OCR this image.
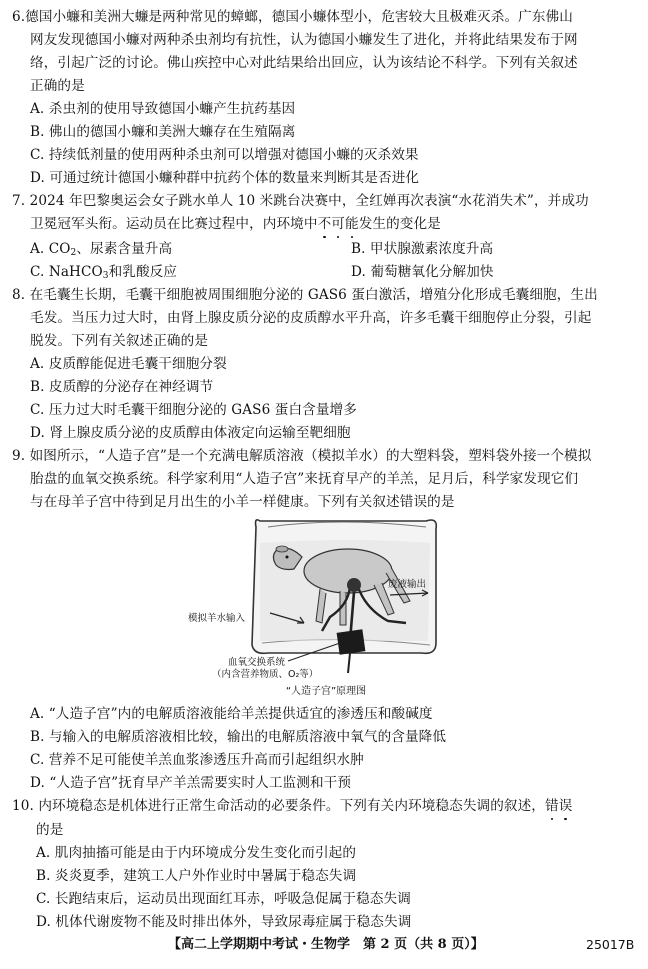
6.德国小蠊和美洲大蠊是两种常见的蟑螂，德国小蠊体型小，危害较大且极难灭杀。广东佛山
网友发现德国小蠊对两种杀虫剂均有抗性，认为德国小蠊发生了进化，并将此结果发布于网
络，引起广泛的讨论。佛山疾控中心对此结果给出回应，认为该结论不科学。下列有关叙述
正确的是
A. 杀虫剂的使用导致德国小蠊产生抗药基因
B. 佛山的德国小蠊和美洲大蠊存在生殖隔离
C. 持续低剂量的使用两种杀虫剂可以增强对德国小蠊的灭杀效果
D. 可通过统计德国小蠊种群中抗药个体的数量来判断其是否进化
7. 2024 年巴黎奥运会女子跳水单人 10 米跳台决赛中，全红婵再次表演“水花消失术”，并成功
卫冕冠军头衔。运动员在比赛过程中，内环境中不可能发生的变化是
A. $CO_2$、尿素含量升高	B. 甲状腺激素浓度升高
C. NaHCO$_3$和乳酸反应	D. 葡萄糖氧化分解加快
8. 在毛囊生长期，毛囊干细胞被周围细胞分泌的 GAS6 蛋白激活，增殖分化形成毛囊细胞，生出
毛发。当压力过大时，由肾上腺皮质分泌的皮质醇水平升高，许多毛囊干细胞停止分裂，引起
脱发。下列有关叙述正确的是
A. 皮质醇能促进毛囊干细胞分裂
B. 皮质醇的分泌存在神经调节
C. 压力过大时毛囊干细胞分泌的 GAS6 蛋白含量增多
D. 肾上腺皮质分泌的皮质醇由体液定向运输至靶细胞
9. 如图所示，“人造子宫”是一个充满电解质溶液（模拟羊水）的大塑料袋，塑料袋外接一个模拟
胎盘的血氧交换系统。科学家利用“人造子宫”来抚育早产的羊羔，足月后，科学家发现它们
与在母羊子宫中待到足月出生的小羊一样健康。下列有关叙述错误的是
废液输出
模拟羊水输入
血氧交换系统
（内含营养物质、O₂等）
“人造子宫”原理图
A. “人造子宫”内的电解质溶液能给羊羔提供适宜的渗透压和酸碱度
B. 与输入的电解质溶液相比较，输出的电解质溶液中氧气的含量降低
C. 营养不足可能使羊羔血浆渗透压升高而引起组织水肿
D. “人造子宫”抚育早产羊羔需要实时人工监测和干预
10. 内环境稳态是机体进行正常生命活动的必要条件。下列有关内环境稳态失调的叙述，错误
的是
A. 肌肉抽搐可能是由于内环境成分发生变化而引起的
B. 炎炎夏季，建筑工人户外作业时中暑属于稳态失调
C. 长跑结束后，运动员出现面红耳赤，呼吸急促属于稳态失调
D. 机体代谢废物不能及时排出体外，导致尿毒症属于稳态失调
【高二上学期期中考试・生物学　第 2 页（共 8 页）】	25017B
